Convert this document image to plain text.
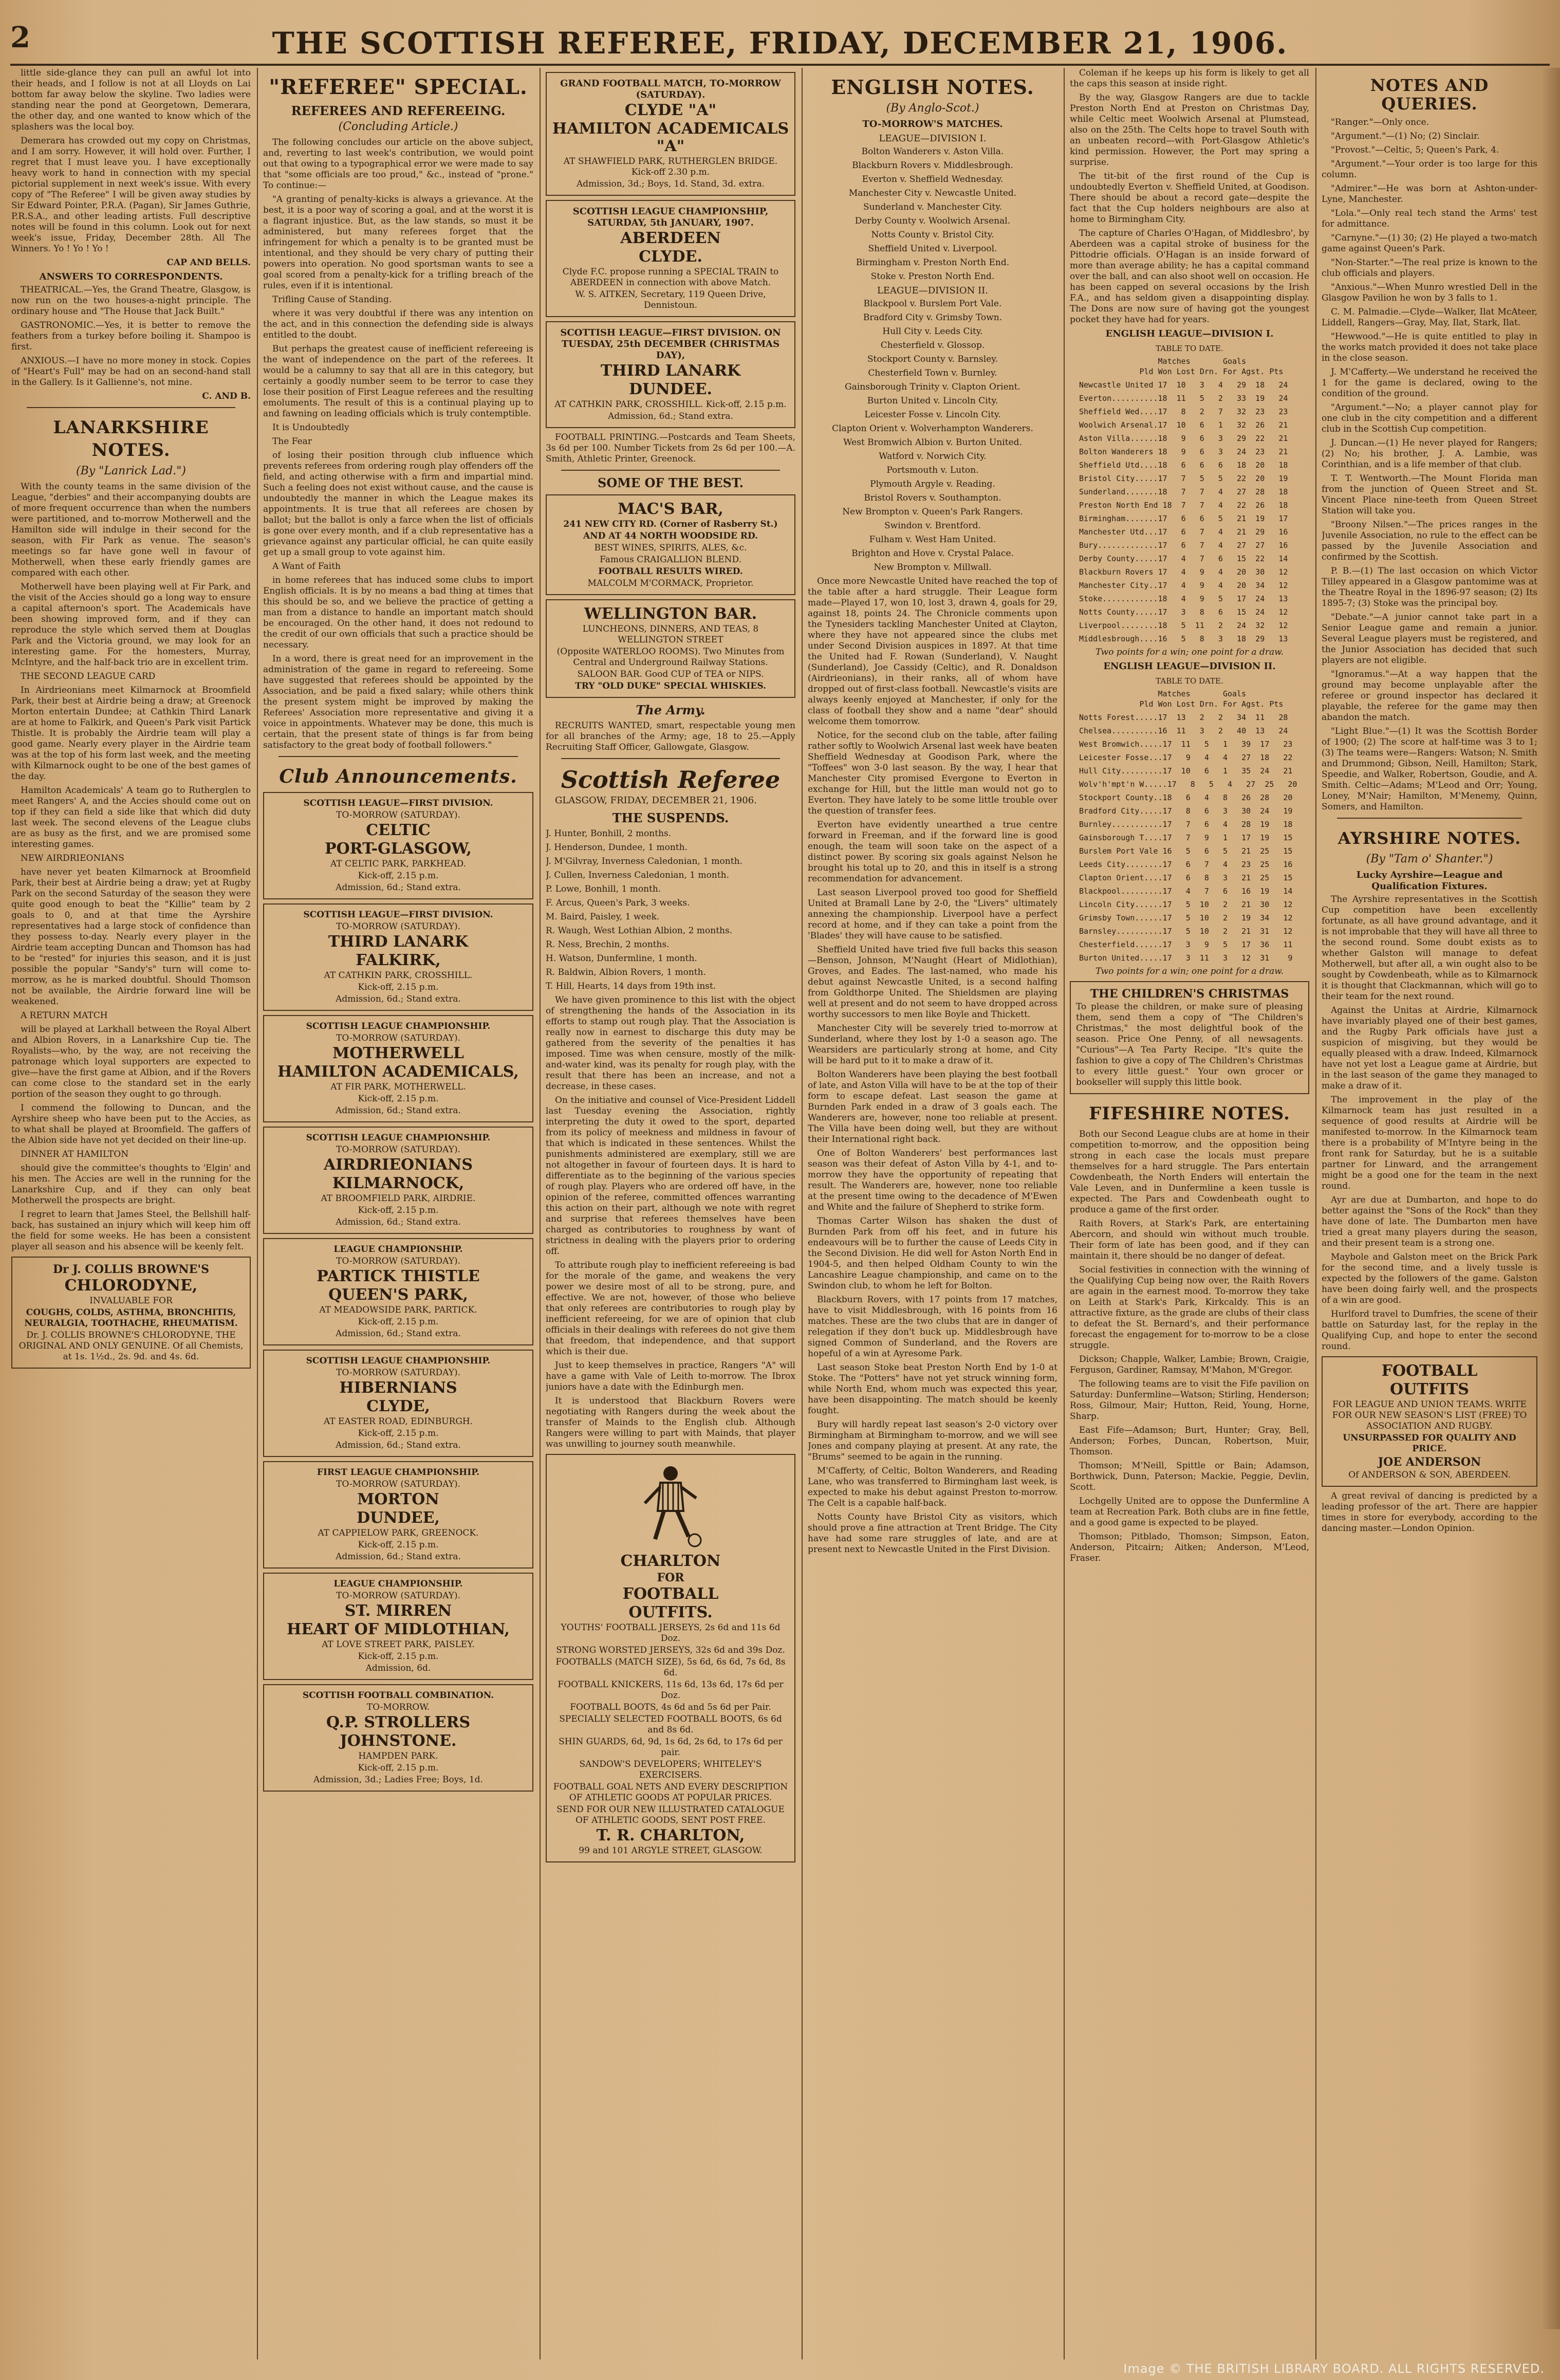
2	THE SCOTTISH REFEREE, FRIDAY, DECEMBER 21, 1906.

little side-glance they can pull an awful lot into their heads, and I follow is not at all Lloyds on Lai bottom far away below the skyline. Two ladies were standing near the pond at Georgetown, Demerara, the other day, and one wanted to know which of the splashers was the local boy.

Demerara has crowded out my copy on Christmas, and I am sorry. However, it will hold over. Further, I regret that I must leave you. I have exceptionally heavy work to hand in connection with my special pictorial supplement in next week's issue. With every copy of "The Referee" I will be given away studies by Sir Edward Pointer, P.R.A. (Pagan), Sir James Guthrie, P.R.S.A., and other leading artists. Full descriptive notes will be found in this column. Look out for next week's issue, Friday, December 28th. All The Winners. Yo ! Yo ! Yo !

CAP AND BELLS.

ANSWERS TO CORRESPONDENTS.

THEATRICAL.—Yes, the Grand Theatre, Glasgow, is now run on the two houses-a-night principle. The ordinary house and "The House that Jack Built."

GASTRONOMIC.—Yes, it is better to remove the feathers from a turkey before boiling it. Shampoo is first.

ANXIOUS.—I have no more money in stock. Copies of "Heart's Full" may be had on an second-hand stall in the Gallery. Is it Gallienne's, not mine.

C. AND B.

LANARKSHIRE NOTES.

(By "Lanrick Lad.")

With the county teams in the same division of the League, "derbies" and their accompanying doubts are of more frequent occurrence than when the numbers were partitioned, and to-morrow Motherwell and the Hamilton side will indulge in their second for the season, with Fir Park as venue. The season's meetings so far have gone well in favour of Motherwell, when these early friendly games are compared with each other.

Motherwell have been playing well at Fir Park, and the visit of the Accies should go a long way to ensure a capital afternoon's sport. The Academicals have been showing improved form, and if they can reproduce the style which served them at Douglas Park and the Victoria ground, we may look for an interesting game. For the homesters, Murray, McIntyre, and the half-back trio are in excellent trim.

THE SECOND LEAGUE CARD

In Airdrieonians meet Kilmarnock at Broomfield Park, their best at Airdrie being a draw; at Greenock Morton entertain Dundee; at Cathkin Third Lanark are at home to Falkirk, and Queen's Park visit Partick Thistle. It is probably the Airdrie team will play a good game. Nearly every player in the Airdrie team was at the top of his form last week, and the meeting with Kilmarnock ought to be one of the best games of the day.

Hamilton Academicals' A team go to Rutherglen to meet Rangers' A, and the Accies should come out on top if they can field a side like that which did duty last week. The second elevens of the League clubs are as busy as the first, and we are promised some interesting games.

NEW AIRDRIEONIANS

have never yet beaten Kilmarnock at Broomfield Park, their best at Airdrie being a draw; yet at Rugby Park on the second Saturday of the season they were quite good enough to beat the "Killie" team by 2 goals to 0, and at that time the Ayrshire representatives had a large stock of confidence than they possess to-day. Nearly every player in the Airdrie team accepting Duncan and Thomson has had to be "rested" for injuries this season, and it is just possible the popular "Sandy's" turn will come to-morrow, as he is marked doubtful. Should Thomson not be available, the Airdrie forward line will be weakened.

A RETURN MATCH

will be played at Larkhall between the Royal Albert and Albion Rovers, in a Lanarkshire Cup tie. The Royalists—who, by the way, are not receiving the patronage which loyal supporters are expected to give—have the first game at Albion, and if the Rovers can come close to the standard set in the early portion of the season they ought to go through.

I commend the following to Duncan, and the Ayrshire sheep who have been put to the Accies, as to what shall be played at Broomfield. The gaffers of the Albion side have not yet decided on their line-up.

DINNER AT HAMILTON

should give the committee's thoughts to 'Elgin' and his men. The Accies are well in the running for the Lanarkshire Cup, and if they can only beat Motherwell the prospects are bright.

I regret to learn that James Steel, the Bellshill half-back, has sustained an injury which will keep him off the field for some weeks. He has been a consistent player all season and his absence will be keenly felt.

Dr J. COLLIS BROWNE'S

CHLORODYNE,

INVALUABLE FOR

COUGHS, COLDS, ASTHMA, BRONCHITIS, NEURALGIA, TOOTHACHE, RHEUMATISM.

Dr. J. COLLIS BROWNE'S CHLORODYNE, THE ORIGINAL AND ONLY GENUINE. Of all Chemists, at 1s. 1½d., 2s. 9d. and 4s. 6d.

"REFEREE" SPECIAL.
REFEREES AND REFEREEING.

(Concluding Article.)

The following concludes our article on the above subject, and, reverting to last week's contribution, we would point out that owing to a typographical error we were made to say that "some officials are too proud," &c., instead of "prone." To continue:—

"A granting of penalty-kicks is always a grievance. At the best, it is a poor way of scoring a goal, and at the worst it is a flagrant injustice. But, as the law stands, so must it be administered, but many referees forget that the infringement for which a penalty is to be granted must be intentional, and they should be very chary of putting their powers into operation. No good sportsman wants to see a goal scored from a penalty-kick for a trifling breach of the rules, even if it is intentional.

Trifling Cause of Standing.

where it was very doubtful if there was any intention on the act, and in this connection the defending side is always entitled to the doubt.

But perhaps the greatest cause of inefficient refereeing is the want of independence on the part of the referees. It would be a calumny to say that all are in this category, but certainly a goodly number seem to be terror to case they lose their position of First League referees and the resulting emoluments. The result of this is a continual playing up to and fawning on leading officials which is truly contemptible.

It is Undoubtedly

The Fear

of losing their position through club influence which prevents referees from ordering rough play offenders off the field, and acting otherwise with a firm and impartial mind. Such a feeling does not exist without cause, and the cause is undoubtedly the manner in which the League makes its appointments. It is true that all referees are chosen by ballot; but the ballot is only a farce when the list of officials is gone over every month, and if a club representative has a grievance against any particular official, he can quite easily get up a small group to vote against him.

A Want of Faith

in home referees that has induced some clubs to import English officials. It is by no means a bad thing at times that this should be so, and we believe the practice of getting a man from a distance to handle an important match should be encouraged. On the other hand, it does not redound to the credit of our own officials that such a practice should be necessary.

In a word, there is great need for an improvement in the administration of the game in regard to refereeing. Some have suggested that referees should be appointed by the Association, and be paid a fixed salary; while others think the present system might be improved by making the Referees' Association more representative and giving it a voice in appointments. Whatever may be done, this much is certain, that the present state of things is far from being satisfactory to the great body of football followers."

Club Announcements.

SCOTTISH LEAGUE—FIRST DIVISION.

TO-MORROW (SATURDAY).

CELTIC

PORT-GLASGOW,

AT CELTIC PARK, PARKHEAD.

Kick-off, 2.15 p.m.

Admission, 6d.; Stand extra.

SCOTTISH LEAGUE—FIRST DIVISION.

TO-MORROW (SATURDAY).

THIRD LANARK

FALKIRK,

AT CATHKIN PARK, CROSSHILL.

Kick-off, 2.15 p.m.

Admission, 6d.; Stand extra.

SCOTTISH LEAGUE CHAMPIONSHIP.

TO-MORROW (SATURDAY).

MOTHERWELL

HAMILTON ACADEMICALS,

AT FIR PARK, MOTHERWELL.

Kick-off, 2.15 p.m.

Admission, 6d.; Stand extra.

SCOTTISH LEAGUE CHAMPIONSHIP.

TO-MORROW (SATURDAY).

AIRDRIEONIANS

KILMARNOCK,

AT BROOMFIELD PARK, AIRDRIE.

Kick-off, 2.15 p.m.

Admission, 6d.; Stand extra.

LEAGUE CHAMPIONSHIP.

TO-MORROW (SATURDAY).

PARTICK THISTLE

QUEEN'S PARK,

AT MEADOWSIDE PARK, PARTICK.

Kick-off, 2.15 p.m.

Admission, 6d.; Stand extra.

SCOTTISH LEAGUE CHAMPIONSHIP.

TO-MORROW (SATURDAY).

HIBERNIANS

CLYDE,

AT EASTER ROAD, EDINBURGH.

Kick-off, 2.15 p.m.

Admission, 6d.; Stand extra.

FIRST LEAGUE CHAMPIONSHIP.

TO-MORROW (SATURDAY).

MORTON

DUNDEE,

AT CAPPIELOW PARK, GREENOCK.

Kick-off, 2.15 p.m.

Admission, 6d.; Stand extra.

LEAGUE CHAMPIONSHIP.

TO-MORROW (SATURDAY).

ST. MIRREN

HEART OF MIDLOTHIAN,

AT LOVE STREET PARK, PAISLEY.

Kick-off, 2.15 p.m.

Admission, 6d.

SCOTTISH FOOTBALL COMBINATION.

TO-MORROW.

Q.P. STROLLERS

JOHNSTONE.

HAMPDEN PARK.

Kick-off, 2.15 p.m.

Admission, 3d.; Ladies Free; Boys, 1d.

GRAND FOOTBALL MATCH, TO-MORROW (SATURDAY).

CLYDE "A"

HAMILTON ACADEMICALS "A"

AT SHAWFIELD PARK, RUTHERGLEN BRIDGE. Kick-off 2.30 p.m.

Admission, 3d.; Boys, 1d. Stand, 3d. extra.

SCOTTISH LEAGUE CHAMPIONSHIP, SATURDAY, 5th JANUARY, 1907.

ABERDEEN

CLYDE.

Clyde F.C. propose running a SPECIAL TRAIN to ABERDEEN in connection with above Match.

W. S. AITKEN, Secretary, 119 Queen Drive, Dennistoun.

SCOTTISH LEAGUE—FIRST DIVISION. ON TUESDAY, 25th DECEMBER (CHRISTMAS DAY),

THIRD LANARK

DUNDEE.

AT CATHKIN PARK, CROSSHILL. Kick-off, 2.15 p.m.

Admission, 6d.; Stand extra.

FOOTBALL PRINTING.—Postcards and Team Sheets, 3s 6d per 100. Number Tickets from 2s 6d per 100.—A. Smith, Athletic Printer, Greenock.

SOME OF THE BEST.

MAC'S BAR,

241 NEW CITY RD. (Corner of Rasberry St.)

AND AT 44 NORTH WOODSIDE RD.

BEST WINES, SPIRITS, ALES, &c.

Famous CRAIGALLION BLEND.

FOOTBALL RESULTS WIRED.

MALCOLM M'CORMACK, Proprietor.

WELLINGTON BAR.

LUNCHEONS, DINNERS, AND TEAS, 8 WELLINGTON STREET

(Opposite WATERLOO ROOMS). Two Minutes from Central and Underground Railway Stations.

SALOON BAR. Good CUP of TEA or NIPS.

TRY "OLD DUKE" SPECIAL WHISKIES.

The Army.

RECRUITS WANTED, smart, respectable young men for all branches of the Army; age, 18 to 25.—Apply Recruiting Staff Officer, Gallowgate, Glasgow.

Scottish Referee

GLASGOW, FRIDAY, DECEMBER 21, 1906.

THE SUSPENDS.

J. Hunter, Bonhill, 2 months.

J. Henderson, Dundee, 1 month.

J. M'Gilvray, Inverness Caledonian, 1 month.

J. Cullen, Inverness Caledonian, 1 month.

P. Lowe, Bonhill, 1 month.

F. Arcus, Queen's Park, 3 weeks.

M. Baird, Paisley, 1 week.

R. Waugh, West Lothian Albion, 2 months.

R. Ness, Brechin, 2 months.

H. Watson, Dunfermline, 1 month.

R. Baldwin, Albion Rovers, 1 month.

T. Hill, Hearts, 14 days from 19th inst.

We have given prominence to this list with the object of strengthening the hands of the Association in its efforts to stamp out rough play. That the Association is really now in earnest to discharge this duty may be gathered from the severity of the penalties it has imposed. Time was when censure, mostly of the milk-and-water kind, was its penalty for rough play, with the result that there has been an increase, and not a decrease, in these cases.

On the initiative and counsel of Vice-President Liddell last Tuesday evening the Association, rightly interpreting the duty it owed to the sport, departed from its policy of meekness and mildness in favour of that which is indicated in these sentences. Whilst the punishments administered are exemplary, still we are not altogether in favour of fourteen days. It is hard to differentiate as to the beginning of the various species of rough play. Players who are ordered off have, in the opinion of the referee, committed offences warranting this action on their part, although we note with regret and surprise that referees themselves have been charged as contributories to roughness by want of strictness in dealing with the players prior to ordering off.

To attribute rough play to inefficient refereeing is bad for the morale of the game, and weakens the very power we desire most of all to be strong, pure, and effective. We are not, however, of those who believe that only referees are contributories to rough play by inefficient refereeing, for we are of opinion that club officials in their dealings with referees do not give them that freedom, that independence, and that support which is their due.

Just to keep themselves in practice, Rangers "A" will have a game with Vale of Leith to-morrow. The Ibrox juniors have a date with the Edinburgh men.

It is understood that Blackburn Rovers were negotiating with Rangers during the week about the transfer of Mainds to the English club. Although Rangers were willing to part with Mainds, that player was unwilling to journey south meanwhile.

CHARLTON

FOR

FOOTBALL

OUTFITS.

YOUTHS' FOOTBALL JERSEYS, 2s 6d and 11s 6d Doz.

STRONG WORSTED JERSEYS, 32s 6d and 39s Doz.

FOOTBALLS (MATCH SIZE), 5s 6d, 6s 6d, 7s 6d, 8s 6d.

FOOTBALL KNICKERS, 11s 6d, 13s 6d, 17s 6d per Doz.

FOOTBALL BOOTS, 4s 6d and 5s 6d per Pair.

SPECIALLY SELECTED FOOTBALL BOOTS, 6s 6d and 8s 6d.

SHIN GUARDS, 6d, 9d, 1s 6d, 2s 6d, to 17s 6d per pair.

SANDOW'S DEVELOPERS; WHITELEY'S EXERCISERS.

FOOTBALL GOAL NETS AND EVERY DESCRIPTION OF ATHLETIC GOODS AT POPULAR PRICES.

SEND FOR OUR NEW ILLUSTRATED CATALOGUE OF ATHLETIC GOODS, SENT POST FREE.

T. R. CHARLTON,

99 and 101 ARGYLE STREET, GLASGOW.

ENGLISH NOTES.

(By Anglo-Scot.)

TO-MORROW'S MATCHES.
LEAGUE—DIVISION I.

Bolton Wanderers v. Aston Villa.

Blackburn Rovers v. Middlesbrough.

Everton v. Sheffield Wednesday.

Manchester City v. Newcastle United.

Sunderland v. Manchester City.

Derby County v. Woolwich Arsenal.

Notts County v. Bristol City.

Sheffield United v. Liverpool.

Birmingham v. Preston North End.

Stoke v. Preston North End.

LEAGUE—DIVISION II.

Blackpool v. Burslem Port Vale.

Bradford City v. Grimsby Town.

Hull City v. Leeds City.

Chesterfield v. Glossop.

Stockport County v. Barnsley.

Chesterfield Town v. Burnley.

Gainsborough Trinity v. Clapton Orient.

Burton United v. Lincoln City.

Leicester Fosse v. Lincoln City.

Clapton Orient v. Wolverhampton Wanderers.

West Bromwich Albion v. Burton United.

Watford v. Norwich City.

Portsmouth v. Luton.

Plymouth Argyle v. Reading.

Bristol Rovers v. Southampton.

New Brompton v. Queen's Park Rangers.

Swindon v. Brentford.

Fulham v. West Ham United.

Brighton and Hove v. Crystal Palace.

New Brompton v. Millwall.

Once more Newcastle United have reached the top of the table after a hard struggle. Their League form made—Played 17, won 10, lost 3, drawn 4, goals for 29, against 18, points 24. The Chronicle comments upon the Tynesiders tackling Manchester United at Clayton, where they have not appeared since the clubs met under Second Division auspices in 1897. At that time the United had F. Rowan (Sunderland), V. Naught (Sunderland), Joe Cassidy (Celtic), and R. Donaldson (Airdrieonians), in their ranks, all of whom have dropped out of first-class football. Newcastle's visits are always keenly enjoyed at Manchester, if only for the class of football they show and a name "dear" should welcome them tomorrow.

Notice, for the second club on the table, after failing rather softly to Woolwich Arsenal last week have beaten Sheffield Wednesday at Goodison Park, where the "Toffees" won 3-0 last season. By the way, I hear that Manchester City promised Evergone to Everton in exchange for Hill, but the little man would not go to Everton. They have lately to be some little trouble over the question of transfer fees.

Everton have evidently unearthed a true centre forward in Freeman, and if the forward line is good enough, the team will soon take on the aspect of a distinct power. By scoring six goals against Nelson he brought his total up to 20, and this in itself is a strong recommendation for advancement.

Last season Liverpool proved too good for Sheffield United at Bramall Lane by 2-0, the "Livers" ultimately annexing the championship. Liverpool have a perfect record at home, and if they can take a point from the 'Blades' they will have cause to be satisfied.

Sheffield United have tried five full backs this season—Benson, Johnson, M'Naught (Heart of Midlothian), Groves, and Eades. The last-named, who made his debut against Newcastle United, is a second halfing from Goldthorpe United. The Shieldsmen are playing well at present and do not seem to have dropped across worthy successors to men like Boyle and Thickett.

Manchester City will be severely tried to-morrow at Sunderland, where they lost by 1-0 a season ago. The Wearsiders are particularly strong at home, and City will be hard put to it to make a draw of it.

Bolton Wanderers have been playing the best football of late, and Aston Villa will have to be at the top of their form to escape defeat. Last season the game at Burnden Park ended in a draw of 3 goals each. The Wanderers are, however, none too reliable at present. The Villa have been doing well, but they are without their International right back.

One of Bolton Wanderers' best performances last season was their defeat of Aston Villa by 4-1, and to-morrow they have the opportunity of repeating that result. The Wanderers are, however, none too reliable at the present time owing to the decadence of M'Ewen and White and the failure of Shepherd to strike form.

Thomas Carter Wilson has shaken the dust of Burnden Park from off his feet, and in future his endeavours will be to further the cause of Leeds City in the Second Division. He did well for Aston North End in 1904-5, and then helped Oldham County to win the Lancashire League championship, and came on to the Swindon club, to whom he left for Bolton.

Blackburn Rovers, with 17 points from 17 matches, have to visit Middlesbrough, with 16 points from 16 matches. These are the two clubs that are in danger of relegation if they don't buck up. Middlesbrough have signed Common of Sunderland, and the Rovers are hopeful of a win at Ayresome Park.

Last season Stoke beat Preston North End by 1-0 at Stoke. The "Potters" have not yet struck winning form, while North End, whom much was expected this year, have been disappointing. The match should be keenly fought.

Bury will hardly repeat last season's 2-0 victory over Birmingham at Birmingham to-morrow, and we will see Jones and company playing at present. At any rate, the "Brums" seemed to be again in the running.

M'Cafferty, of Celtic, Bolton Wanderers, and Reading Lane, who was transferred to Birmingham last week, is expected to make his debut against Preston to-morrow. The Celt is a capable half-back.

Notts County have Bristol City as visitors, which should prove a fine attraction at Trent Bridge. The City have had some rare struggles of late, and are at present next to Newcastle United in the First Division.

Coleman if he keeps up his form is likely to get all the caps this season at inside right.

By the way, Glasgow Rangers are due to tackle Preston North End at Preston on Christmas Day, while Celtic meet Woolwich Arsenal at Plumstead, also on the 25th. The Celts hope to travel South with an unbeaten record—with Port-Glasgow Athletic's kind permission. However, the Port may spring a surprise.

The tit-bit of the first round of the Cup is undoubtedly Everton v. Sheffield United, at Goodison. There should be about a record gate—despite the fact that the Cup holders neighbours are also at home to Birmingham City.

The capture of Charles O'Hagan, of Middlesbro', by Aberdeen was a capital stroke of business for the Pittodrie officials. O'Hagan is an inside forward of more than average ability; he has a capital command over the ball, and can also shoot well on occasion. He has been capped on several occasions by the Irish F.A., and has seldom given a disappointing display. The Dons are now sure of having got the youngest pocket they have had for years.

ENGLISH LEAGUE—DIVISION I.
TABLE TO DATE.

Matches       Goals
Pld Won Lost Drn. For Agst. Pts

Newcastle United 17  10   3   4   29  18   24

Everton..........18  11   5   2   33  19   24

Sheffield Wed....17   8   2   7   32  23   23

Woolwich Arsenal.17  10   6   1   32  26   21

Aston Villa......18   9   6   3   29  22   21

Bolton Wanderers 18   9   6   3   24  23   21

Sheffield Utd....18   6   6   6   18  20   18

Bristol City.....17   7   5   5   22  20   19

Sunderland.......18   7   7   4   27  28   18

Preston North End 18  7   7   4   22  26   18

Birmingham.......17   6   6   5   21  19   17

Manchester Utd...17   6   7   4   21  29   16

Bury.............17   6   7   4   27  27   16

Derby County.....17   4   7   6   15  22   14

Blackburn Rovers 17   4   9   4   20  30   12

Manchester City..17   4   9   4   20  34   12

Stoke............18   4   9   5   17  24   13

Notts County.....17   3   8   6   15  24   12

Liverpool........18   5  11   2   24  32   12

Middlesbrough....16   5   8   3   18  29   13

Two points for a win; one point for a draw.

ENGLISH LEAGUE—DIVISION II.
TABLE TO DATE.

Matches       Goals
Pld Won Lost Drn. For Agst. Pts

Notts Forest.....17  13   2   2   34  11   28

Chelsea..........16  11   3   2   40  13   24

West Bromwich.....17  11   5   1   39  17   23

Leicester Fosse...17   9   4   4   27  18   22

Hull City.........17  10   6   1   35  24   21

Wolv'h'mpt'n W.....17   8   5   4   27  25   20

Stockport County..18   6   4   8   26  28   20

Bradford City.....17   8   6   3   30  24   19

Burnley...........17   7   6   4   28  19   18

Gainsborough T....17   7   9   1   17  19   15

Burslem Port Vale 16   5   6   5   21  25   15

Leeds City........17   6   7   4   23  25   16

Clapton Orient....17   6   8   3   21  25   15

Blackpool.........17   4   7   6   16  19   14

Lincoln City......17   5  10   2   21  30   12

Grimsby Town......17   5  10   2   19  34   12

Barnsley..........17   5  10   2   21  31   12

Chesterfield......17   3   9   5   17  36   11

Burton United.....17   3  11   3   12  31    9

Two points for a win; one point for a draw.

THE CHILDREN'S CHRISTMAS

To please the children, or make sure of pleasing them, send them a copy of "The Children's Christmas," the most delightful book of the season. Price One Penny, of all newsagents. "Curious"—A Tea Party Recipe. "It's quite the fashion to give a copy of The Children's Christmas to every little guest." Your own grocer or bookseller will supply this little book.

FIFESHIRE NOTES.

Both our Second League clubs are at home in their competition to-morrow, and the opposition being strong in each case the locals must prepare themselves for a hard struggle. The Pars entertain Cowdenbeath, the North Enders will entertain the Vale Leven, and in Dunfermline a keen tussle is expected. The Pars and Cowdenbeath ought to produce a game of the first order.

Raith Rovers, at Stark's Park, are entertaining Abercorn, and should win without much trouble. Their form of late has been good, and if they can maintain it, there should be no danger of defeat.

Social festivities in connection with the winning of the Qualifying Cup being now over, the Raith Rovers are again in the earnest mood. To-morrow they take on Leith at Stark's Park, Kirkcaldy. This is an attractive fixture, as the grade are clubs of their class to defeat the St. Bernard's, and their performance forecast the engagement for to-morrow to be a close struggle.

Dickson; Chapple, Walker, Lambie; Brown, Craigie, Ferguson, Gardiner, Ramsay, M'Mahon, M'Gregor.

The following teams are to visit the Fife pavilion on Saturday: Dunfermline—Watson; Stirling, Henderson; Ross, Gilmour, Mair; Hutton, Reid, Young, Horne, Sharp.

East Fife—Adamson; Burt, Hunter; Gray, Bell, Anderson; Forbes, Duncan, Robertson, Muir, Thomson.

Thomson; M'Neill, Spittle or Bain; Adamson, Borthwick, Dunn, Paterson; Mackie, Peggie, Devlin, Scott.

Lochgelly United are to oppose the Dunfermline A team at Recreation Park. Both clubs are in fine fettle, and a good game is expected to be played.

Thomson; Pitblado, Thomson; Simpson, Eaton, Anderson, Pitcairn; Aitken; Anderson, M'Leod, Fraser.

NOTES AND QUERIES.

"Ranger."—Only once.

"Argument."—(1) No; (2) Sinclair.

"Provost."—Celtic, 5; Queen's Park, 4.

"Argument."—Your order is too large for this column.

"Admirer."—He was born at Ashton-under-Lyne, Manchester.

"Lola."—Only real tech stand the Arms' test for admittance.

"Carnyne."—(1) 30; (2) He played a two-match game against Queen's Park.

"Non-Starter."—The real prize is known to the club officials and players.

"Anxious."—When Munro wrestled Dell in the Glasgow Pavilion he won by 3 falls to 1.

C. M. Palmadie.—Clyde—Walker, Ilat McAteer, Liddell, Rangers—Gray, May, Ilat, Stark, Ilat.

"Hewwood."—He is quite entitled to play in the works match provided it does not take place in the close season.

J. M'Cafferty.—We understand he received the 1 for the game is declared, owing to the condition of the ground.

"Argument."—No; a player cannot play for one club in the city competition and a different club in the Scottish Cup competition.

J. Duncan.—(1) He never played for Rangers; (2) No; his brother, J. A. Lambie, was Corinthian, and is a life member of that club.

T. T. Wentworth.—The Mount Florida man from the junction of Queen Street and St. Vincent Place nine-teeth from Queen Street Station will take you.

"Broony Nilsen."—The prices ranges in the Juvenile Association, no rule to the effect can be passed by the Juvenile Association and confirmed by the Scottish.

P. B.—(1) The last occasion on which Victor Tilley appeared in a Glasgow pantomime was at the Theatre Royal in the 1896-97 season; (2) Its 1895-7; (3) Stoke was the principal boy.

"Debate."—A junior cannot take part in a Senior League game and remain a junior. Several League players must be registered, and the Junior Association has decided that such players are not eligible.

"Ignoramus."—At a way happen that the ground may become unplayable after the referee or ground inspector has declared it playable, the referee for the game may then abandon the match.

"Light Blue."—(1) It was the Scottish Border of 1900; (2) The score at half-time was 3 to 1; (3) The teams were—Rangers: Watson; N. Smith and Drummond; Gibson, Neill, Hamilton; Stark, Speedie, and Walker, Robertson, Goudie, and A. Smith. Celtic—Adams; M'Leod and Orr; Young, Loney, M'Nair; Hamilton, M'Menemy, Quinn, Somers, and Hamilton.

AYRSHIRE NOTES.

(By "Tam o' Shanter.")

Lucky Ayrshire—League and Qualification Fixtures.

The Ayrshire representatives in the Scottish Cup competition have been excellently fortunate, as all have ground advantage, and it is not improbable that they will have all three to the second round. Some doubt exists as to whether Galston will manage to defeat Motherwell, but after all, a win ought also to be sought by Cowdenbeath, while as to Kilmarnock it is thought that Clackmannan, which will go to their team for the next round.

Against the Unitas at Airdrie, Kilmarnock have invariably played one of their best games, and the Rugby Park officials have just a suspicion of misgiving, but they would be equally pleased with a draw. Indeed, Kilmarnock have not yet lost a League game at Airdrie, but in the last season of the game they managed to make a draw of it.

The improvement in the play of the Kilmarnock team has just resulted in a sequence of good results at Airdrie will be manifested to-morrow. In the Kilmarnock team there is a probability of M'Intyre being in the front rank for Saturday, but he is a suitable partner for Linward, and the arrangement might be a good one for the team in the next round.

Ayr are due at Dumbarton, and hope to do better against the "Sons of the Rock" than they have done of late. The Dumbarton men have tried a great many players during the season, and their present team is a strong one.

Maybole and Galston meet on the Brick Park for the second time, and a lively tussle is expected by the followers of the game. Galston have been doing fairly well, and the prospects of a win are good.

Hurlford travel to Dumfries, the scene of their battle on Saturday last, for the replay in the Qualifying Cup, and hope to enter the second round.

FOOTBALL

OUTFITS

FOR LEAGUE AND UNION TEAMS. WRITE FOR OUR NEW SEASON'S LIST (FREE) TO ASSOCIATION AND RUGBY.

UNSURPASSED FOR QUALITY AND PRICE.

JOE ANDERSON

Of ANDERSON & SON, ABERDEEN.

A great revival of dancing is predicted by a leading professor of the art. There are happier times in store for everybody, according to the dancing master.—London Opinion.

Image © THE BRITISH LIBRARY BOARD. ALL RIGHTS RESERVED.
